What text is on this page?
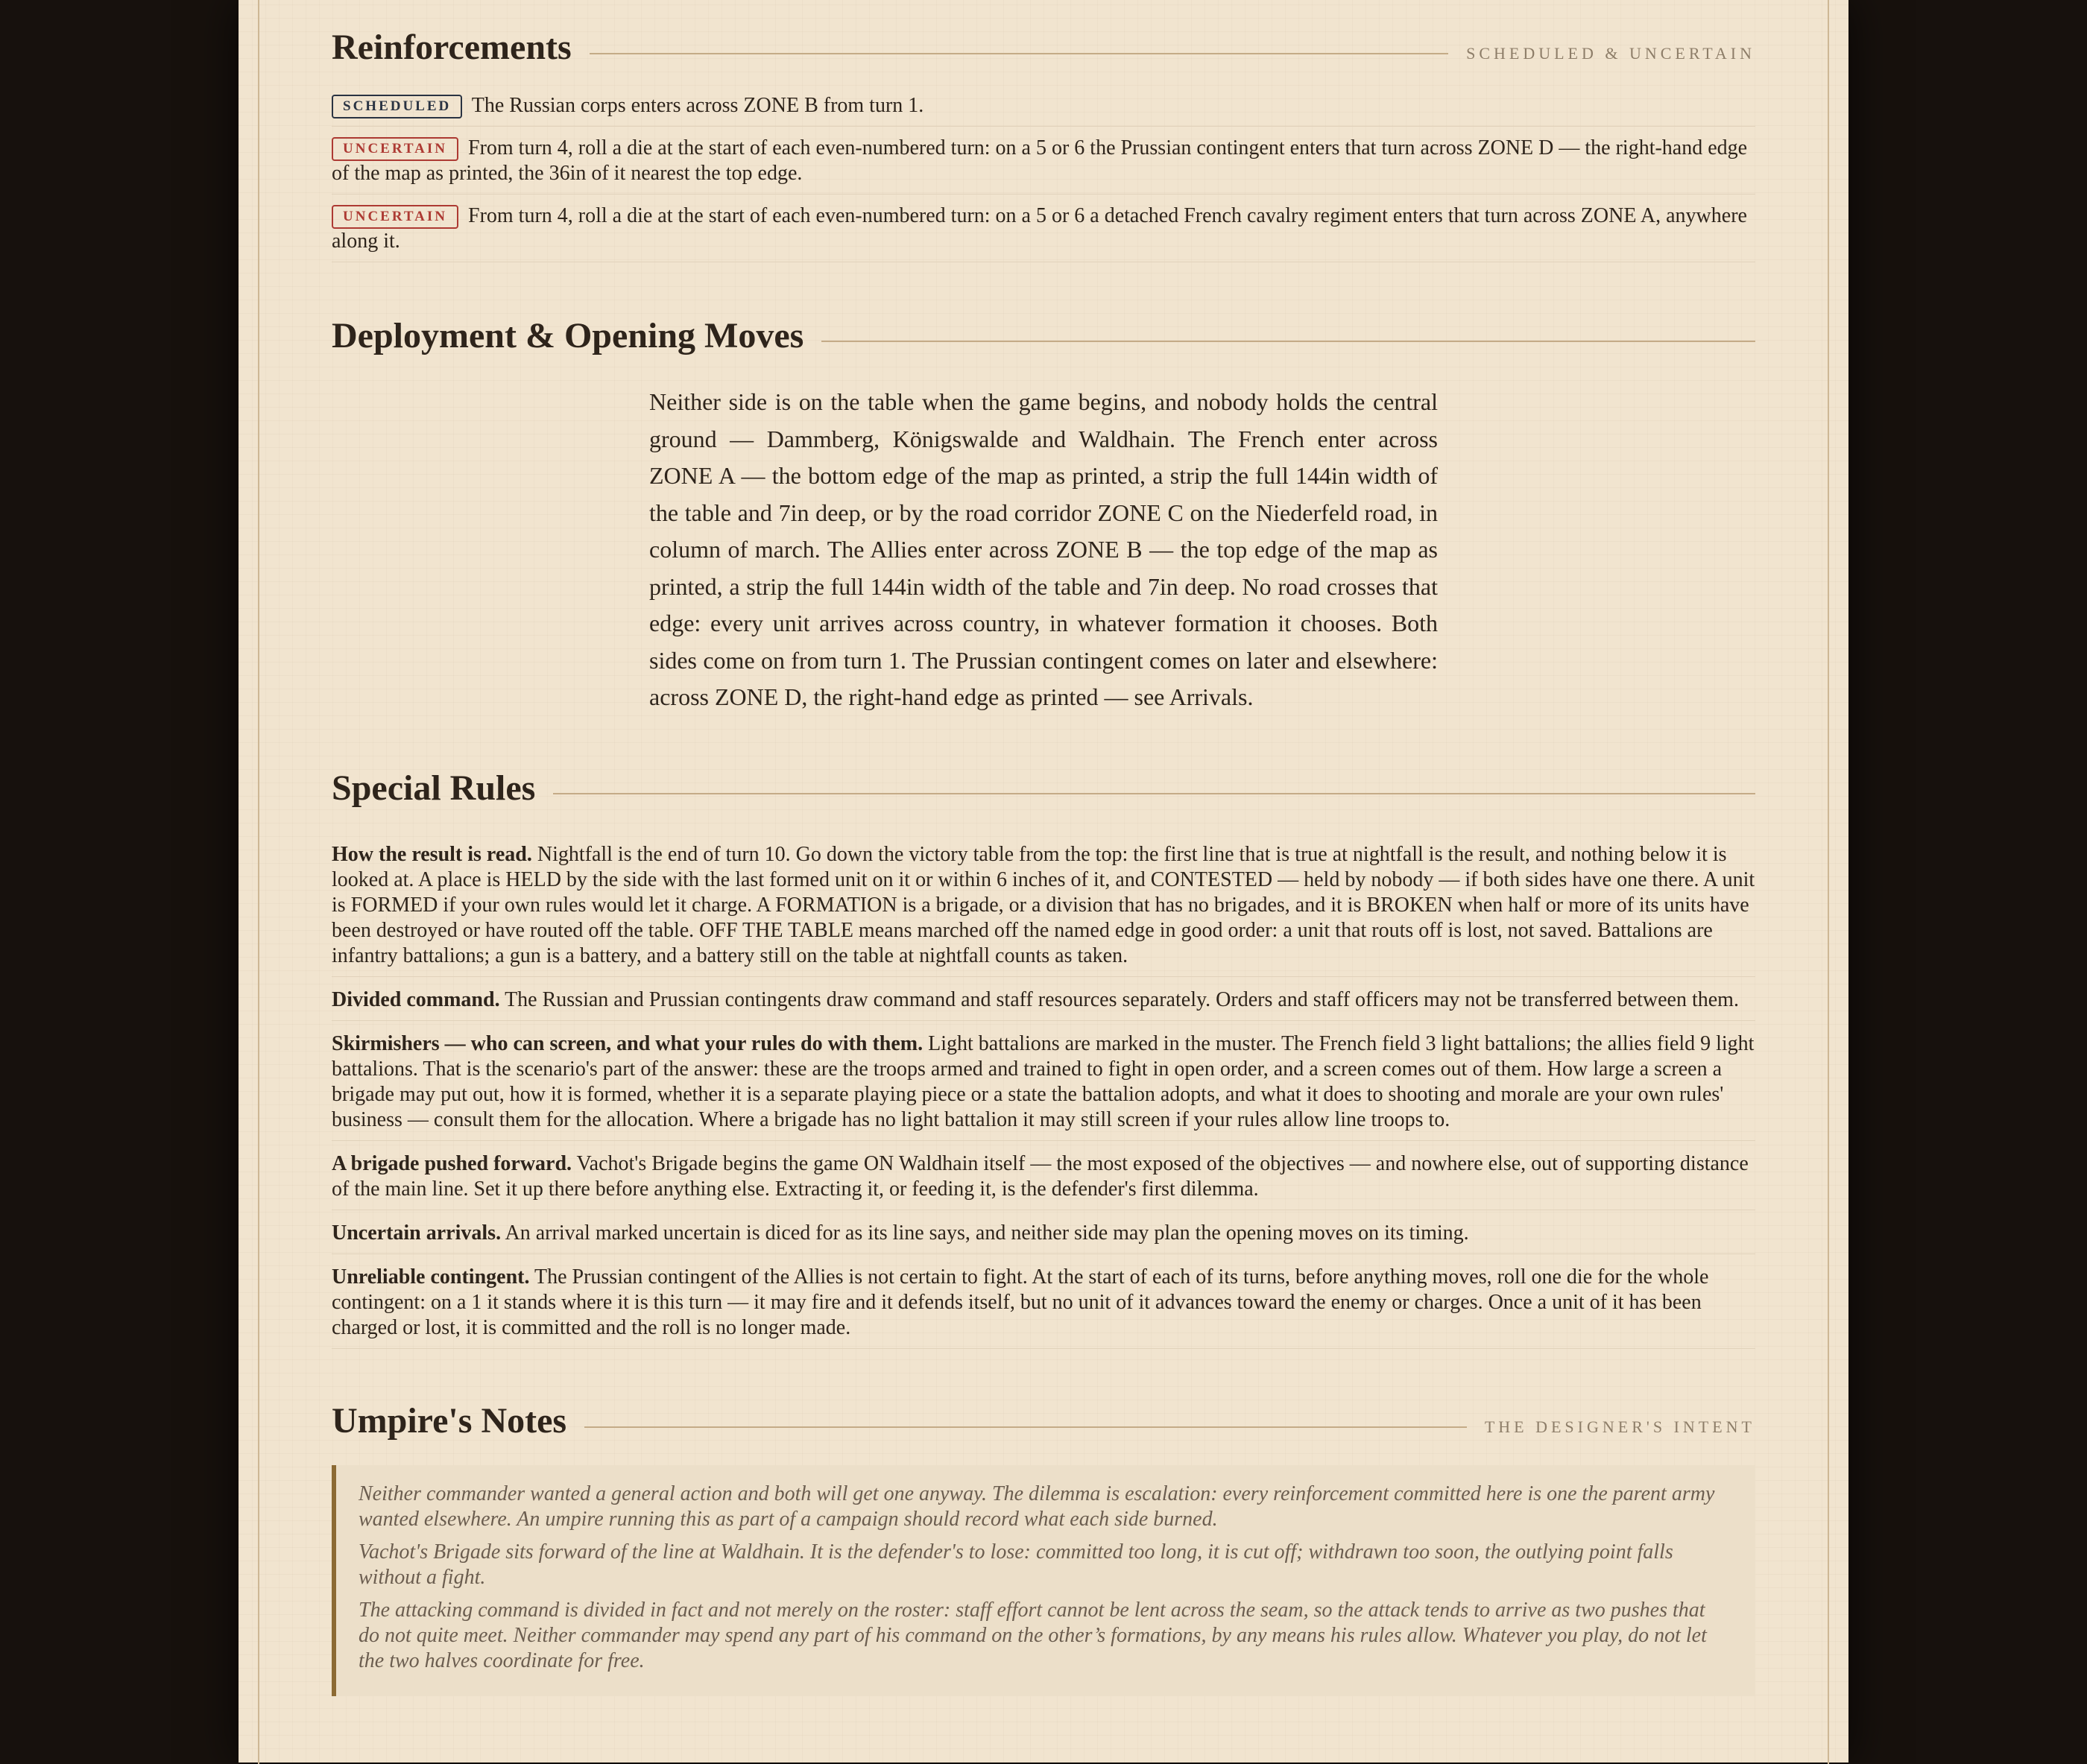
Reinforcements	SCHEDULED & UNCERTAIN
SCHEDULED The Russian corps enters across ZONE B from turn 1.
UNCERTAIN From turn 4, roll a die at the start of each even-numbered turn: on a 5 or 6 the Prussian contingent enters that turn across ZONE D — the right-hand edge of the map as printed, the 36in of it nearest the top edge.
UNCERTAIN From turn 4, roll a die at the start of each even-numbered turn: on a 5 or 6 a detached French cavalry regiment enters that turn across ZONE A, anywhere along it.
Deployment & Opening Moves

Neither side is on the table when the game begins, and nobody holds the central ground — Dammberg, Königswalde and Waldhain. The French enter across ZONE A — the bottom edge of the map as printed, a strip the full 144in width of the table and 7in deep, or by the road corridor ZONE C on the Niederfeld road, in column of march. The Allies enter across ZONE B — the top edge of the map as printed, a strip the full 144in width of the table and 7in deep. No road crosses that edge: every unit arrives across country, in whatever formation it chooses. Both sides come on from turn 1. The Prussian contingent comes on later and elsewhere: across ZONE D, the right-hand edge as printed — see Arrivals.

Special Rules
How the result is read. Nightfall is the end of turn 10. Go down the victory table from the top: the first line that is true at nightfall is the result, and nothing below it is looked at. A place is HELD by the side with the last formed unit on it or within 6 inches of it, and CONTESTED — held by nobody — if both sides have one there. A unit is FORMED if your own rules would let it charge. A FORMATION is a brigade, or a division that has no brigades, and it is BROKEN when half or more of its units have been destroyed or have routed off the table. OFF THE TABLE means marched off the named edge in good order: a unit that routs off is lost, not saved. Battalions are infantry battalions; a gun is a battery, and a battery still on the table at nightfall counts as taken.
Divided command. The Russian and Prussian contingents draw command and staff resources separately. Orders and staff officers may not be transferred between them.
Skirmishers — who can screen, and what your rules do with them. Light battalions are marked in the muster. The French field 3 light battalions; the allies field 9 light battalions. That is the scenario's part of the answer: these are the troops armed and trained to fight in open order, and a screen comes out of them. How large a screen a brigade may put out, how it is formed, whether it is a separate playing piece or a state the battalion adopts, and what it does to shooting and morale are your own rules' business — consult them for the allocation. Where a brigade has no light battalion it may still screen if your rules allow line troops to.
A brigade pushed forward. Vachot's Brigade begins the game ON Waldhain itself — the most exposed of the objectives — and nowhere else, out of supporting distance of the main line. Set it up there before anything else. Extracting it, or feeding it, is the defender's first dilemma.
Uncertain arrivals. An arrival marked uncertain is diced for as its line says, and neither side may plan the opening moves on its timing.
Unreliable contingent. The Prussian contingent of the Allies is not certain to fight. At the start of each of its turns, before anything moves, roll one die for the whole contingent: on a 1 it stands where it is this turn — it may fire and it defends itself, but no unit of it advances toward the enemy or charges. Once a unit of it has been charged or lost, it is committed and the roll is no longer made.
Umpire's Notes	THE DESIGNER'S INTENT

Neither commander wanted a general action and both will get one anyway. The dilemma is escalation: every reinforcement committed here is one the parent army wanted elsewhere. An umpire running this as part of a campaign should record what each side burned.

Vachot's Brigade sits forward of the line at Waldhain. It is the defender's to lose: committed too long, it is cut off; withdrawn too soon, the outlying point falls without a fight.

The attacking command is divided in fact and not merely on the roster: staff effort cannot be lent across the seam, so the attack tends to arrive as two pushes that do not quite meet. Neither commander may spend any part of his command on the other’s formations, by any means his rules allow. Whatever you play, do not let the two halves coordinate for free.
